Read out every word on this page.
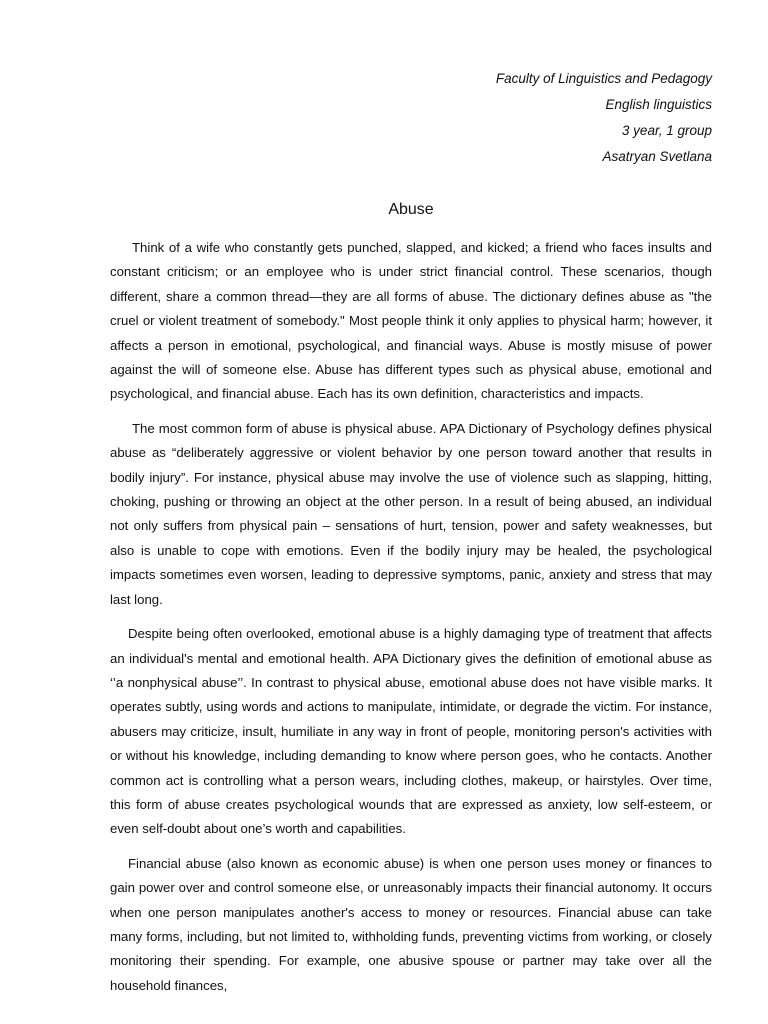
Faculty of Linguistics and Pedagogy
English linguistics
3 year, 1 group
Asatryan Svetlana
Abuse

Think of a wife who constantly gets punched, slapped, and kicked; a friend who faces insults and constant criticism; or an employee who is under strict financial control. These scenarios, though different, share a common thread—they are all forms of abuse. The dictionary defines abuse as "the cruel or violent treatment of somebody." Most people think it only applies to physical harm; however, it affects a person in emotional, psychological, and financial ways. Abuse is mostly misuse of power against the will of someone else. Abuse has different types such as physical abuse, emotional and psychological, and financial abuse. Each has its own definition, characteristics and impacts.

The most common form of abuse is physical abuse. APA Dictionary of Psychology defines physical abuse as “deliberately aggressive or violent behavior by one person toward another that results in bodily injury”. For instance, physical abuse may involve the use of violence such as slapping, hitting, choking, pushing or throwing an object at the other person. In a result of being abused, an individual not only suffers from physical pain – sensations of hurt, tension, power and safety weaknesses, but also is unable to cope with emotions. Even if the bodily injury may be healed, the psychological impacts sometimes even worsen, leading to depressive symptoms, panic, anxiety and stress that may last long.

Despite being often overlooked, emotional abuse is a highly damaging type of treatment that affects an individual's mental and emotional health. APA Dictionary gives the definition of emotional abuse as ‘’a nonphysical abuse’’. In contrast to physical abuse, emotional abuse does not have visible marks. It operates subtly, using words and actions to manipulate, intimidate, or degrade the victim. For instance, abusers may criticize, insult, humiliate in any way in front of people, monitoring person's activities with or without his knowledge, including demanding to know where person goes, who he contacts. Another common act is controlling what a person wears, including clothes, makeup, or hairstyles. Over time, this form of abuse creates psychological wounds that are expressed as anxiety, low self-esteem, or even self-doubt about one’s worth and capabilities.

Financial abuse (also known as economic abuse) is when one person uses money or finances to gain power over and control someone else, or unreasonably impacts their financial autonomy. It occurs when one person manipulates another's access to money or resources. Financial abuse can take many forms, including, but not limited to, withholding funds, preventing victims from working, or closely monitoring their spending. For example, one abusive spouse or partner may take over all the household finances,
